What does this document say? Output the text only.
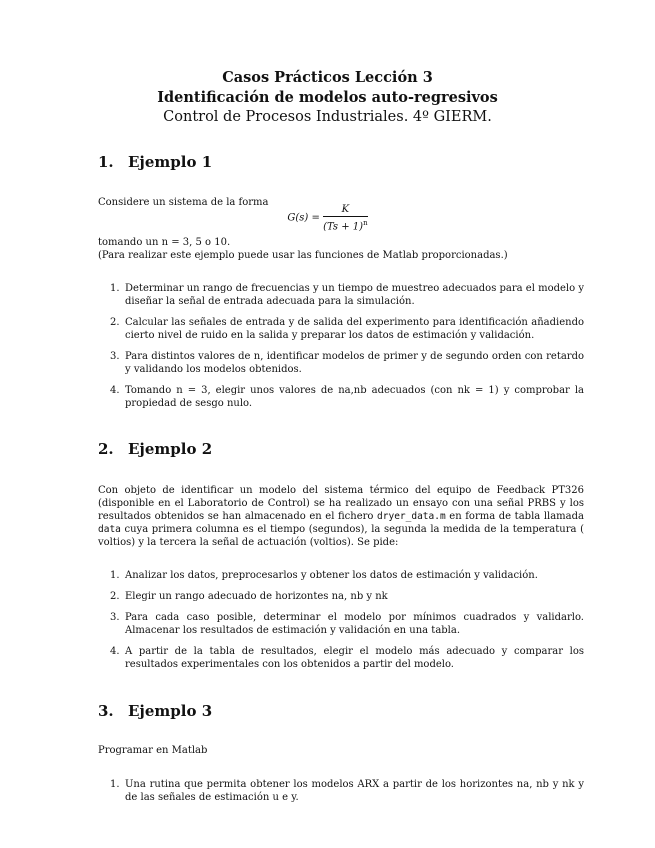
Casos Prácticos Lección 3
Identificación de modelos auto-regresivos
Control de Procesos Industriales. 4º GIERM.
1. Ejemplo 1
Considere un sistema de la forma
$G(s) = \frac{K}{(Ts + 1)^n}$
tomando un n = 3, 5 o 10.
(Para realizar este ejemplo puede usar las funciones de Matlab proporcionadas.)
1. Determinar un rango de frecuencias y un tiempo de muestreo adecuados para el modelo y diseñar la señal de entrada adecuada para la simulación.
2. Calcular las señales de entrada y de salida del experimento para identificación añadiendo cierto nivel de ruido en la salida y preparar los datos de estimación y validación.
3. Para distintos valores de n, identificar modelos de primer y de segundo orden con retardo y validando los modelos obtenidos.
4. Tomando n = 3, elegir unos valores de na,nb adecuados (con nk = 1) y comprobar la propiedad de sesgo nulo.
2. Ejemplo 2
Con objeto de identificar un modelo del sistema térmico del equipo de Feedback PT326 (disponible en el Laboratorio de Control) se ha realizado un ensayo con una señal PRBS y los resultados obtenidos se han almacenado en el fichero dryer_data.m en forma de tabla llamada data cuya primera columna es el tiempo (segundos), la segunda la medida de la temperatura ( voltios) y la tercera la señal de actuación (voltios). Se pide:
1. Analizar los datos, preprocesarlos y obtener los datos de estimación y validación.
2. Elegir un rango adecuado de horizontes na, nb y nk
3. Para cada caso posible, determinar el modelo por mínimos cuadrados y validarlo. Almacenar los resultados de estimación y validación en una tabla.
4. A partir de la tabla de resultados, elegir el modelo más adecuado y comparar los resultados experimentales con los obtenidos a partir del modelo.
3. Ejemplo 3
Programar en Matlab
1. Una rutina que permita obtener los modelos ARX a partir de los horizontes na, nb y nk y de las señales de estimación u e y.
